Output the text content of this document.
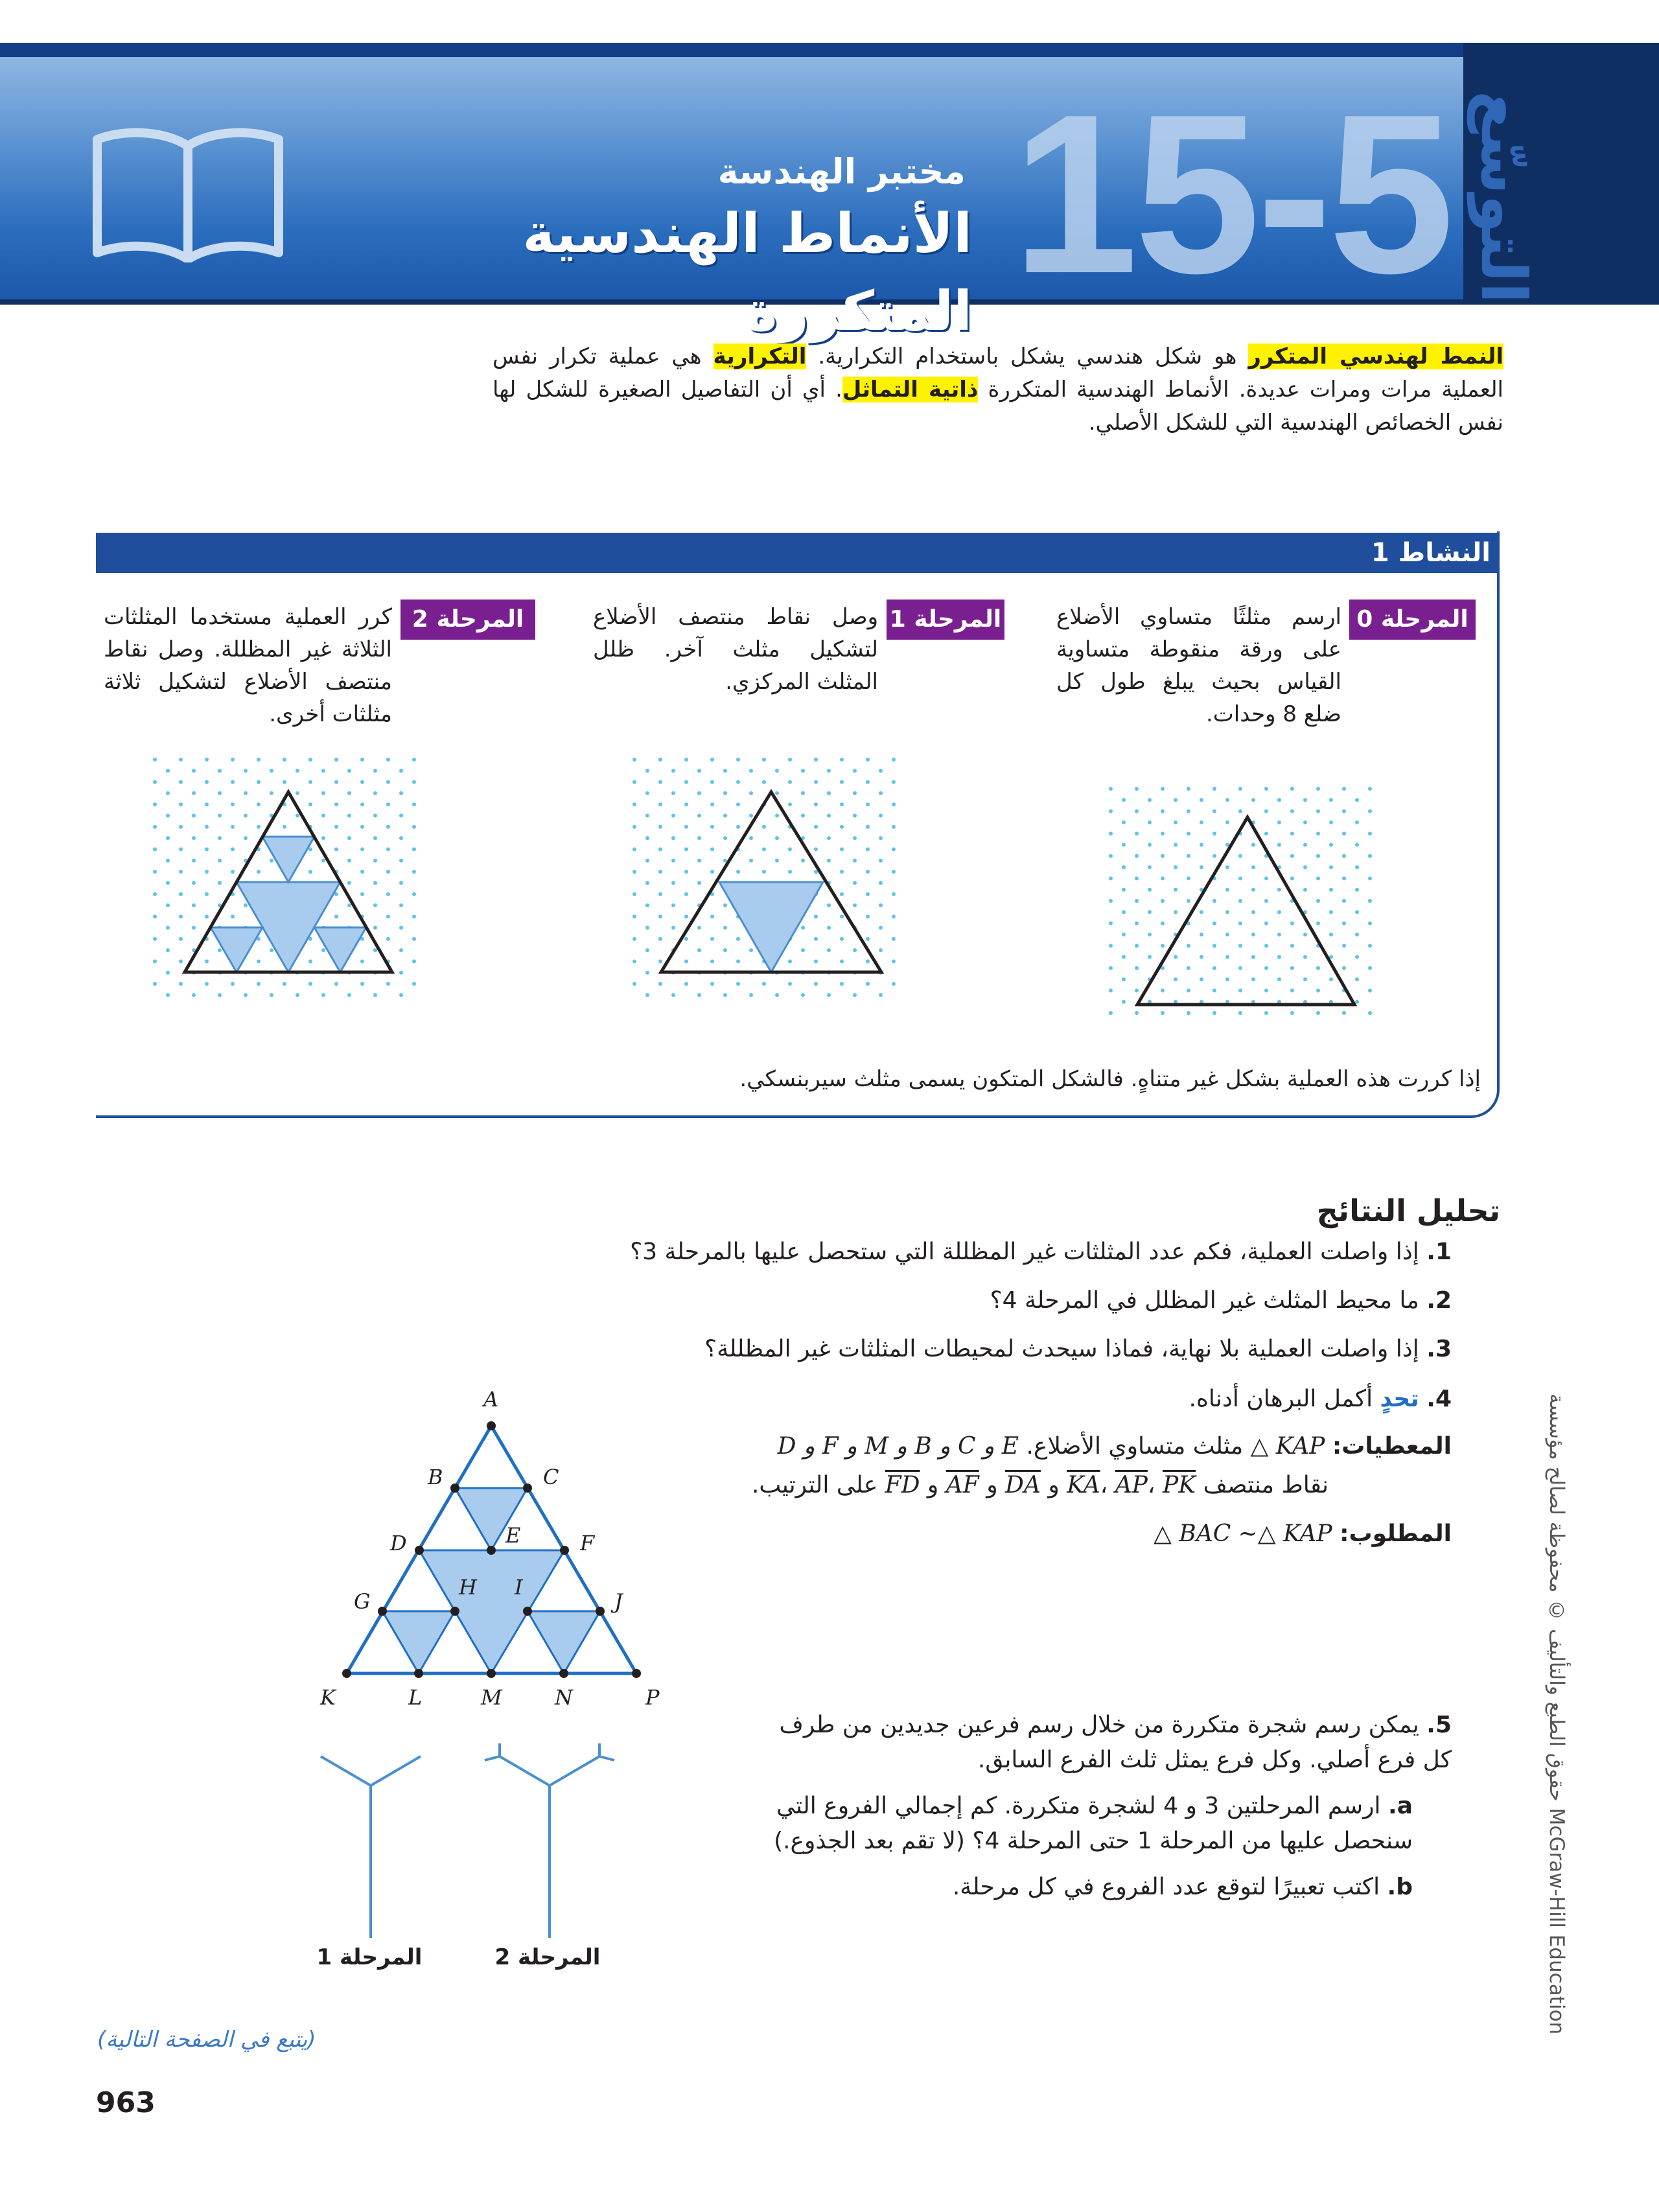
التوسّع
15-5
مختبر الهندسة
الأنماط الهندسية المتكررة
النمط لهندسي المتكرر هو شكل هندسي يشكل باستخدام التكرارية. التكرارية هي عملية تكرار نفس العملية مرات ومرات عديدة. الأنماط الهندسية المتكررة ذاتية التماثل. أي أن التفاصيل الصغيرة للشكل لها نفس الخصائص الهندسية التي للشكل الأصلي.
النشاط 1
المرحلة 0
ارسم مثلثًا متساوي الأضلاع على ورقة منقوطة متساوية القياس بحيث يبلغ طول كل ضلع 8 وحدات.
المرحلة 1
وصل نقاط منتصف الأضلاع لتشكيل مثلث آخر. ظلل المثلث المركزي.
المرحلة 2
كرر العملية مستخدما المثلثات الثلاثة غير المظللة. وصل نقاط منتصف الأضلاع لتشكيل ثلاثة مثلثات أخرى.
إذا كررت هذه العملية بشكل غير متناهٍ. فالشكل المتكون يسمى مثلث سيربنسكي.
تحليل النتائج
1. إذا واصلت العملية، فكم عدد المثلثات غير المظللة التي ستحصل عليها بالمرحلة 3؟
2. ما محيط المثلث غير المظلل في المرحلة 4؟
3. إذا واصلت العملية بلا نهاية، فماذا سيحدث لمحيطات المثلثات غير المظللة؟
4. تحدٍ أكمل البرهان أدناه.
المعطيات: △ KAP مثلث متساوي الأضلاع. D و F و M و B و C و E
نقاط منتصف $\overline{KA}،$ $\overline{AP}،$ $\overline{PK}$ و $\overline{DA}$ و $\overline{AF}$ و $\overline{FD}$ على الترتيب.
المطلوب: △ BAC ~△ KAP
5. يمكن رسم شجرة متكررة من خلال رسم فرعين جديدين من طرف كل فرع أصلي. وكل فرع يمثل ثلث الفرع السابق.
a. ارسم المرحلتين 3 و 4 لشجرة متكررة. كم إجمالي الفروع التي سنحصل عليها من المرحلة 1 حتى المرحلة 4؟ (لا تقم بعد الجذوع.)
b. اكتب تعبيرًا لتوقع عدد الفروع في كل مرحلة.
A
B	C
D	E	F
G
H I
J
K	L	M	N	P
المرحلة 1	المرحلة 2
حقوق الطبع والتأليف © محفوظة لصالح مؤسسة McGraw-Hill Education
(يتبع في الصفحة التالية)
963
